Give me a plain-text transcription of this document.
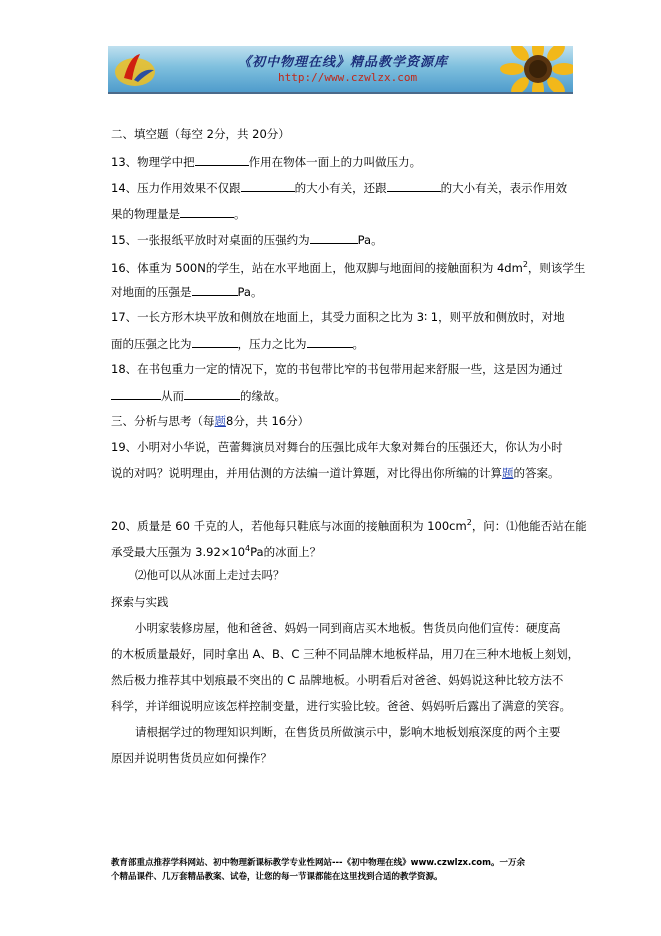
《初中物理在线》精品教学资源库
http://www.czwlzx.com
二、填空题（每空 2分，共 20分）
13、物理学中把	作用在物体一面上的力叫做压力。
14、压力作用效果不仅跟	的大小有关，还跟	的大小有关，表示作用效
果的物理量是	。
15、一张报纸平放时对桌面的压强约为	Pa。
16、体重为 500N的学生，站在水平地面上，他双脚与地面间的接触面积为 $4dm^2$，则该学生
对地面的压强是	Pa。
17、一长方形木块平放和侧放在地面上，其受力面积之比为 3∶ 1，则平放和侧放时，对地
面的压强之比为	，压力之比为	。
18、在书包重力一定的情况下，宽的书包带比窄的书包带用起来舒服一些，这是因为通过
从而	的缘故。
三、分析与思考（每题8分，共 16分）
19、小明对小华说，芭蕾舞演员对舞台的压强比成年大象对舞台的压强还大，你认为小时
说的对吗？说明理由，并用估测的方法编一道计算题，对比得出你所编的计算题的答案。
20、质量是 60 千克的人，若他每只鞋底与冰面的接触面积为 $100cm^2$，问：⑴他能否站在能
承受最大压强为 $3.92\times 10^4Pa$的冰面上？
⑵他可以从冰面上走过去吗？
探索与实践
小明家装修房屋，他和爸爸、妈妈一同到商店买木地板。售货员向他们宣传：硬度高
的木板质量最好，同时拿出 A、B、C 三种不同品牌木地板样品，用刀在三种木地板上刻划，
然后极力推荐其中划痕最不突出的 C 品牌地板。小明看后对爸爸、妈妈说这种比较方法不
科学，并详细说明应该怎样控制变量，进行实验比较。爸爸、妈妈听后露出了满意的笑容。
请根据学过的物理知识判断，在售货员所做演示中，影响木地板划痕深度的两个主要
原因并说明售货员应如何操作？
教育部重点推荐学科网站、初中物理新课标教学专业性网站---《初中物理在线》www.czwlzx.com。一万余
个精品课件、几万套精品教案、试卷，让您的每一节课都能在这里找到合适的教学资源。
